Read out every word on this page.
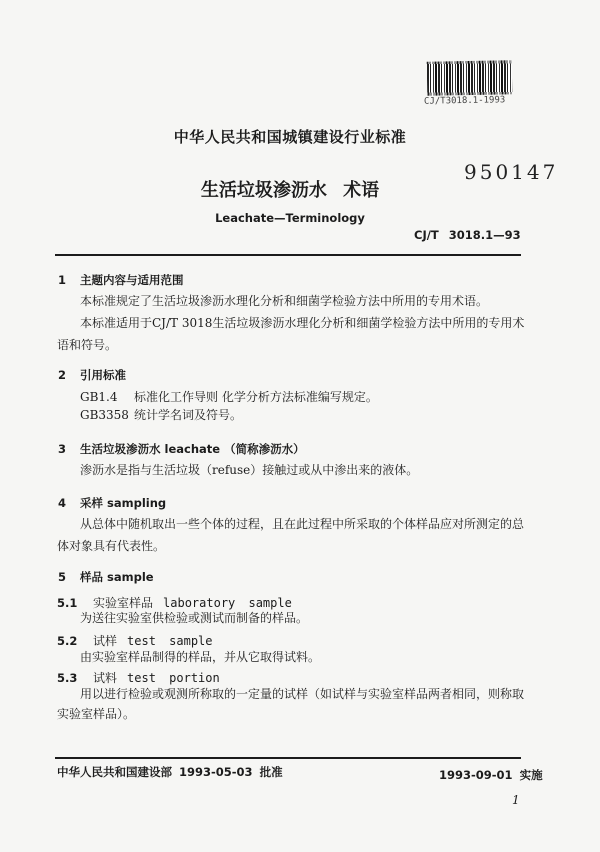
CJ/T3018.1-1993
中华人民共和国城镇建设行业标准
950147
生活垃圾渗沥水 术语
Leachate—Terminology
CJ/T 3018.1—93
1 主题内容与适用范围
本标准规定了生活垃圾渗沥水理化分析和细菌学检验方法中所用的专用术语。
本标准适用于CJ/T 3018生活垃圾渗沥水理化分析和细菌学检验方法中所用的专用术
语和符号。
2 引用标准
GB1.4 标准化工作导则 化学分析方法标准编写规定。
GB3358 统计学名词及符号。
3 生活垃圾渗沥水 leachate （简称渗沥水）
渗沥水是指与生活垃圾（refuse）接触过或从中渗出来的液体。
4 采样 sampling
从总体中随机取出一些个体的过程，且在此过程中所采取的个体样品应对所测定的总
体对象具有代表性。
5 样品 sample
5.1 实验室样品 laboratory sample
为送往实验室供检验或测试而制备的样品。
5.2 试样 test sample
由实验室样品制得的样品，并从它取得试料。
5.3 试料 test portion
用以进行检验或观测所称取的一定量的试样（如试样与实验室样品两者相同，则称取
实验室样品）。
中华人民共和国建设部 1993-05-03 批准	1993-09-01 实施
1
